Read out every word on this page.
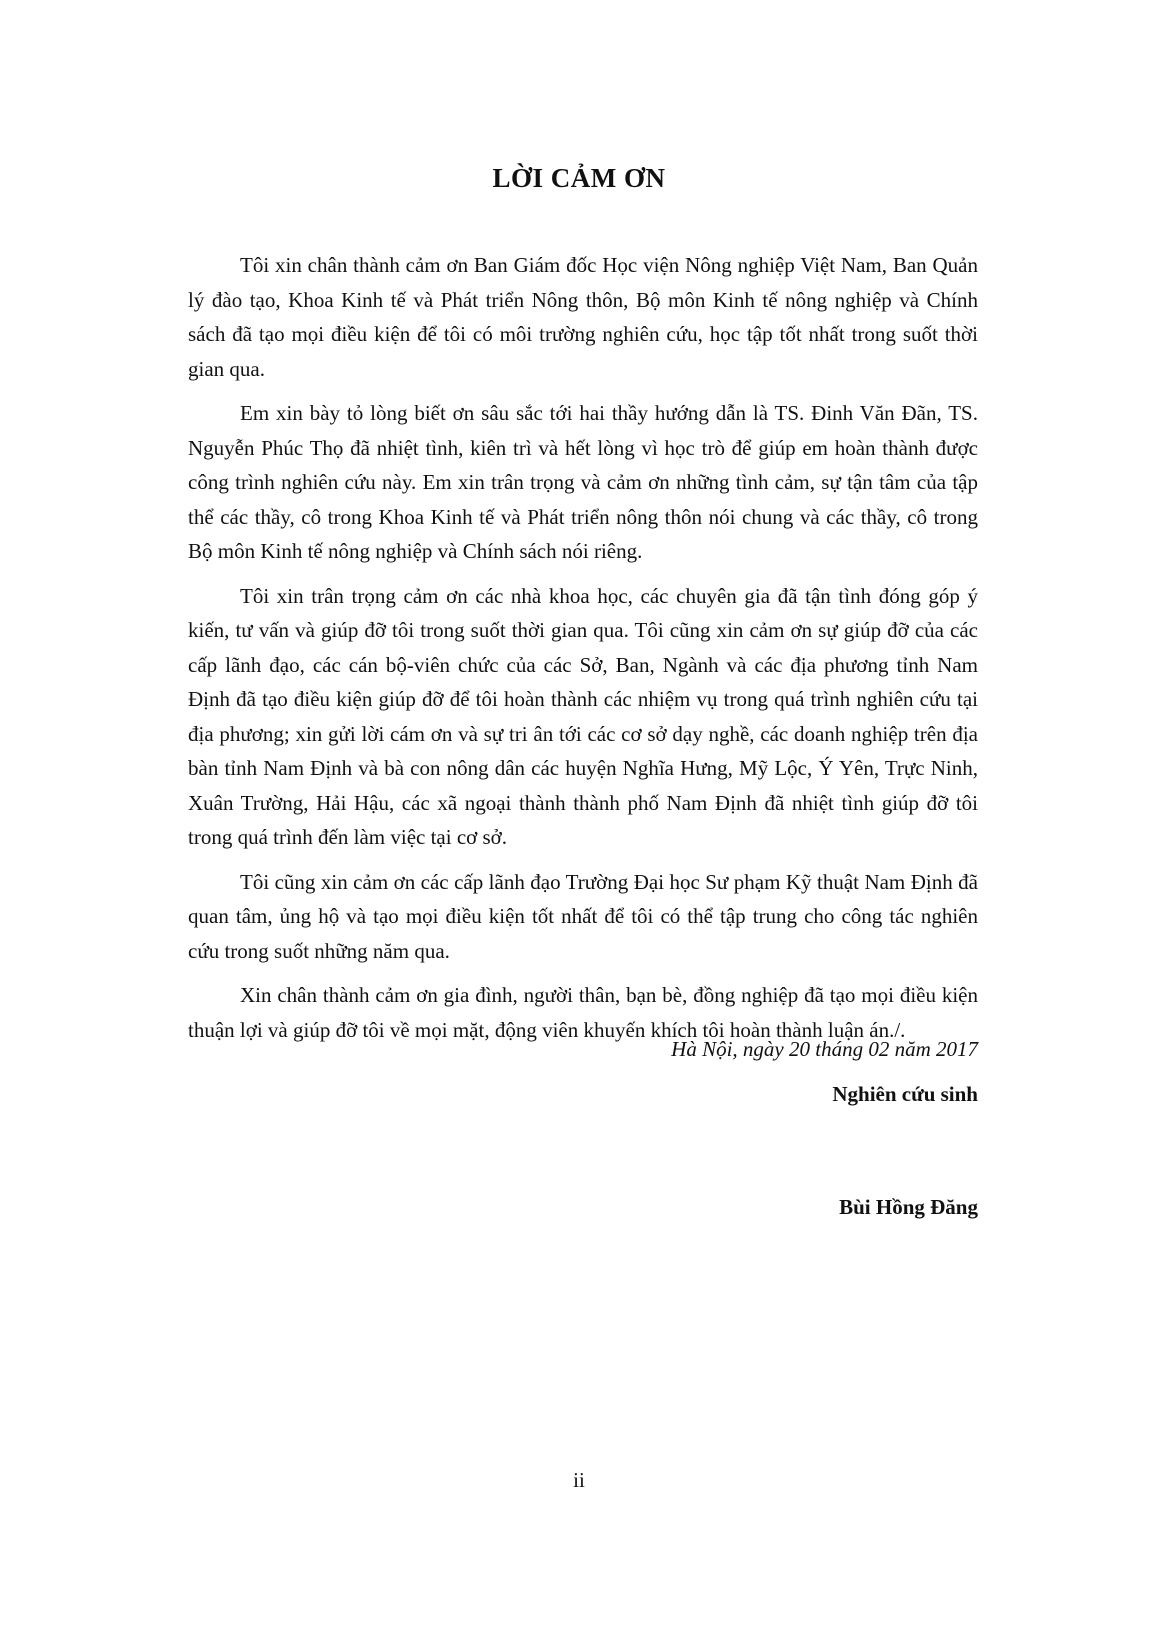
LỜI CẢM ƠN

Tôi xin chân thành cảm ơn Ban Giám đốc Học viện Nông nghiệp Việt Nam, Ban Quản lý đào tạo, Khoa Kinh tế và Phát triển Nông thôn, Bộ môn Kinh tế nông nghiệp và Chính sách đã tạo mọi điều kiện để tôi có môi trường nghiên cứu, học tập tốt nhất trong suốt thời gian qua.

Em xin bày tỏ lòng biết ơn sâu sắc tới hai thầy hướng dẫn là TS. Đinh Văn Đãn, TS. Nguyễn Phúc Thọ đã nhiệt tình, kiên trì và hết lòng vì học trò để giúp em hoàn thành được công trình nghiên cứu này. Em xin trân trọng và cảm ơn những tình cảm, sự tận tâm của tập thể các thầy, cô trong Khoa Kinh tế và Phát triển nông thôn nói chung và các thầy, cô trong Bộ môn Kinh tế nông nghiệp và Chính sách nói riêng.

Tôi xin trân trọng cảm ơn các nhà khoa học, các chuyên gia đã tận tình đóng góp ý kiến, tư vấn và giúp đỡ tôi trong suốt thời gian qua. Tôi cũng xin cảm ơn sự giúp đỡ của các cấp lãnh đạo, các cán bộ-viên chức của các Sở, Ban, Ngành và các địa phương tỉnh Nam Định đã tạo điều kiện giúp đỡ để tôi hoàn thành các nhiệm vụ trong quá trình nghiên cứu tại địa phương; xin gửi lời cám ơn và sự tri ân tới các cơ sở dạy nghề, các doanh nghiệp trên địa bàn tỉnh Nam Định và bà con nông dân các huyện Nghĩa Hưng, Mỹ Lộc, Ý Yên, Trực Ninh, Xuân Trường, Hải Hậu, các xã ngoại thành thành phố Nam Định đã nhiệt tình giúp đỡ tôi trong quá trình đến làm việc tại cơ sở.

Tôi cũng xin cảm ơn các cấp lãnh đạo Trường Đại học Sư phạm Kỹ thuật Nam Định đã quan tâm, ủng hộ và tạo mọi điều kiện tốt nhất để tôi có thể tập trung cho công tác nghiên cứu trong suốt những năm qua.

Xin chân thành cảm ơn gia đình, người thân, bạn bè, đồng nghiệp đã tạo mọi điều kiện thuận lợi và giúp đỡ tôi về mọi mặt, động viên khuyến khích tôi hoàn thành luận án./.

Hà Nội, ngày 20 tháng 02 năm 2017
Nghiên cứu sinh
Bùi Hồng Đăng
ii
